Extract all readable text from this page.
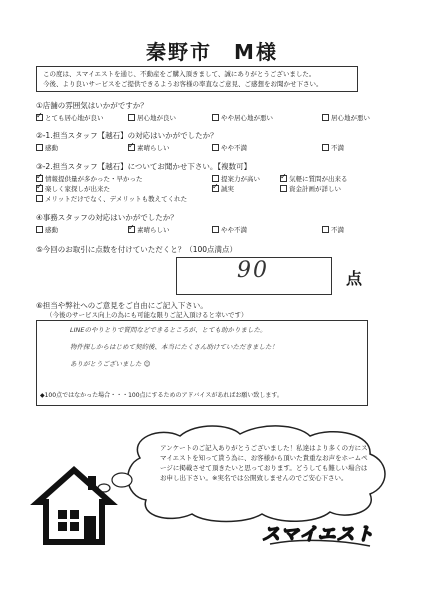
秦野市　M様
この度は、スマイエストを通じ、不動産をご購入頂きまして、誠にありがとうございました。
今後、より良いサービスをご提供できるようお客様の率直なご意見、ご感想をお聞かせ下さい。
①店舗の雰囲気はいかがですか？
✓とても居心地が良い	居心地が良い	やや居心地が悪い	居心地が悪い
②-1.担当スタッフ【越石】の対応はいかがでしたか？
感動 ✓	素晴らしい	やや不満	不満
③-2.担当スタッフ【越石】についてお聞かせ下さい。【複数可】
✓情報提供量が多かった・早かった	提案力が高い ✓	気軽に質問が出来る
✓楽しく家探しが出来た ✓	誠実	資金計画が詳しい
メリットだけでなく、デメリットも教えてくれた
④事務スタッフの対応はいかがでしたか？
感動 ✓	素晴らしい	やや不満	不満
⑤今回のお取引に点数を付けていただくと？（100点満点）
90	点
⑥担当や弊社へのご意見をご自由にご記入下さい。
（今後のサービス向上の為にも可能な限りご記入頂けると幸いです）
LINEのやりとりで質問などできるところが、とても助かりました。
物件探しからはじめて契約後、本当にたくさん助けていただきました！
ありがとうございました ☺
◆100点ではなかった場合・・・100点にするためのアドバイスがあればお願い致します。
アンケートのご記入ありがとうございました！私達はより多くの方にスマイエストを知って貰う為に、お客様から頂いた貴重なお声をホームページに掲載させて頂きたいと思っております。どうしても難しい場合はお申し出下さい。※実名では公開致しませんのでご安心下さい。
スマイエスト
